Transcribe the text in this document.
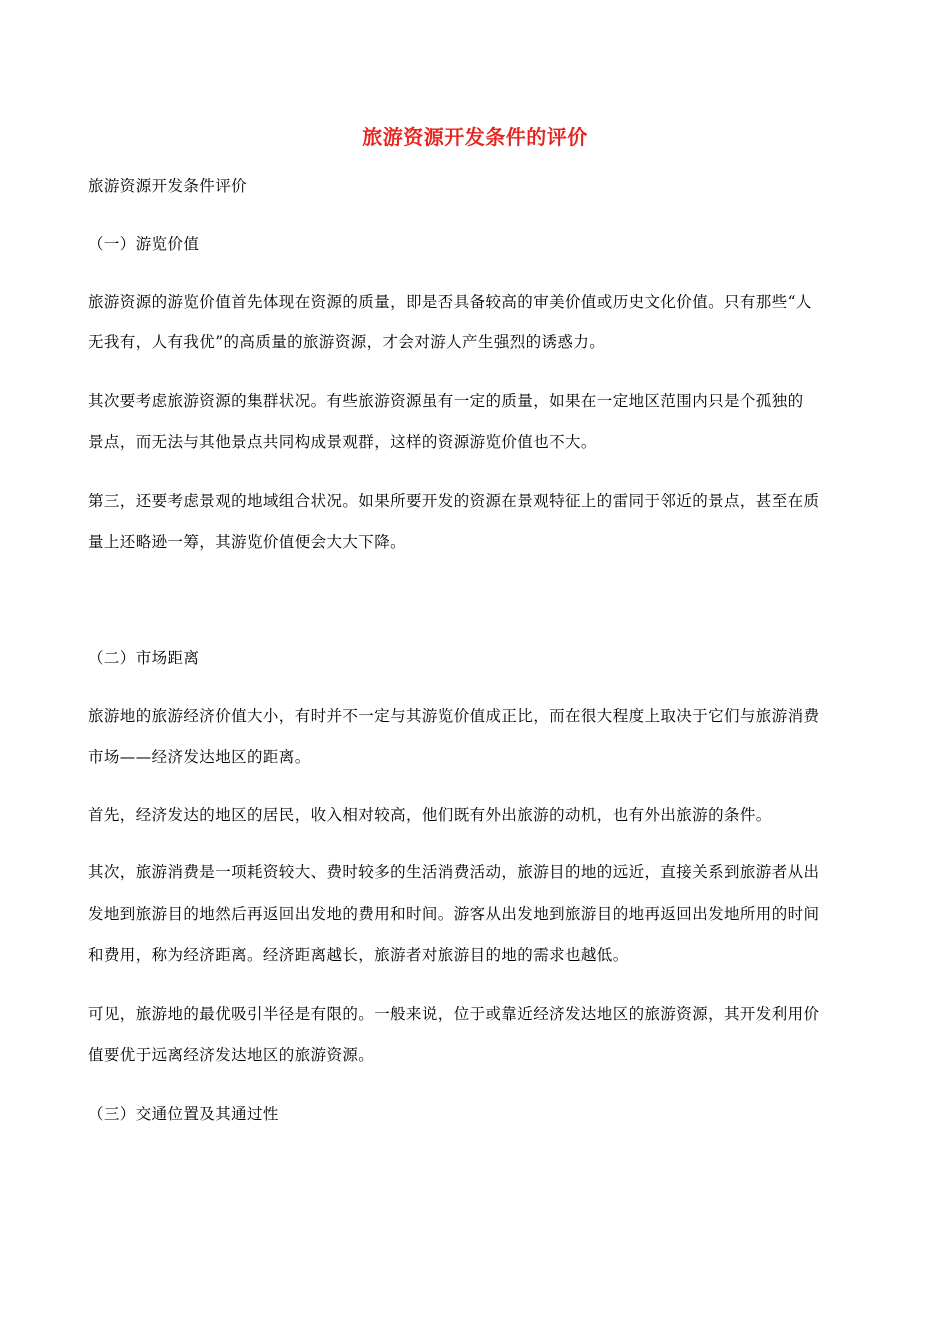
旅游资源开发条件的评价
旅游资源开发条件评价
（一）游览价值
旅游资源的游览价值首先体现在资源的质量，即是否具备较高的审美价值或历史文化价值。只有那些“人
无我有，人有我优”的高质量的旅游资源，才会对游人产生强烈的诱惑力。
其次要考虑旅游资源的集群状况。有些旅游资源虽有一定的质量，如果在一定地区范围内只是个孤独的
景点，而无法与其他景点共同构成景观群，这样的资源游览价值也不大。
第三，还要考虑景观的地域组合状况。如果所要开发的资源在景观特征上的雷同于邻近的景点，甚至在质
量上还略逊一筹，其游览价值便会大大下降。
（二）市场距离
旅游地的旅游经济价值大小，有时并不一定与其游览价值成正比，而在很大程度上取决于它们与旅游消费
市场——经济发达地区的距离。
首先，经济发达的地区的居民，收入相对较高，他们既有外出旅游的动机，也有外出旅游的条件。
其次，旅游消费是一项耗资较大、费时较多的生活消费活动，旅游目的地的远近，直接关系到旅游者从出
发地到旅游目的地然后再返回出发地的费用和时间。游客从出发地到旅游目的地再返回出发地所用的时间
和费用，称为经济距离。经济距离越长，旅游者对旅游目的地的需求也越低。
可见，旅游地的最优吸引半径是有限的。一般来说，位于或靠近经济发达地区的旅游资源，其开发利用价
值要优于远离经济发达地区的旅游资源。
（三）交通位置及其通过性
